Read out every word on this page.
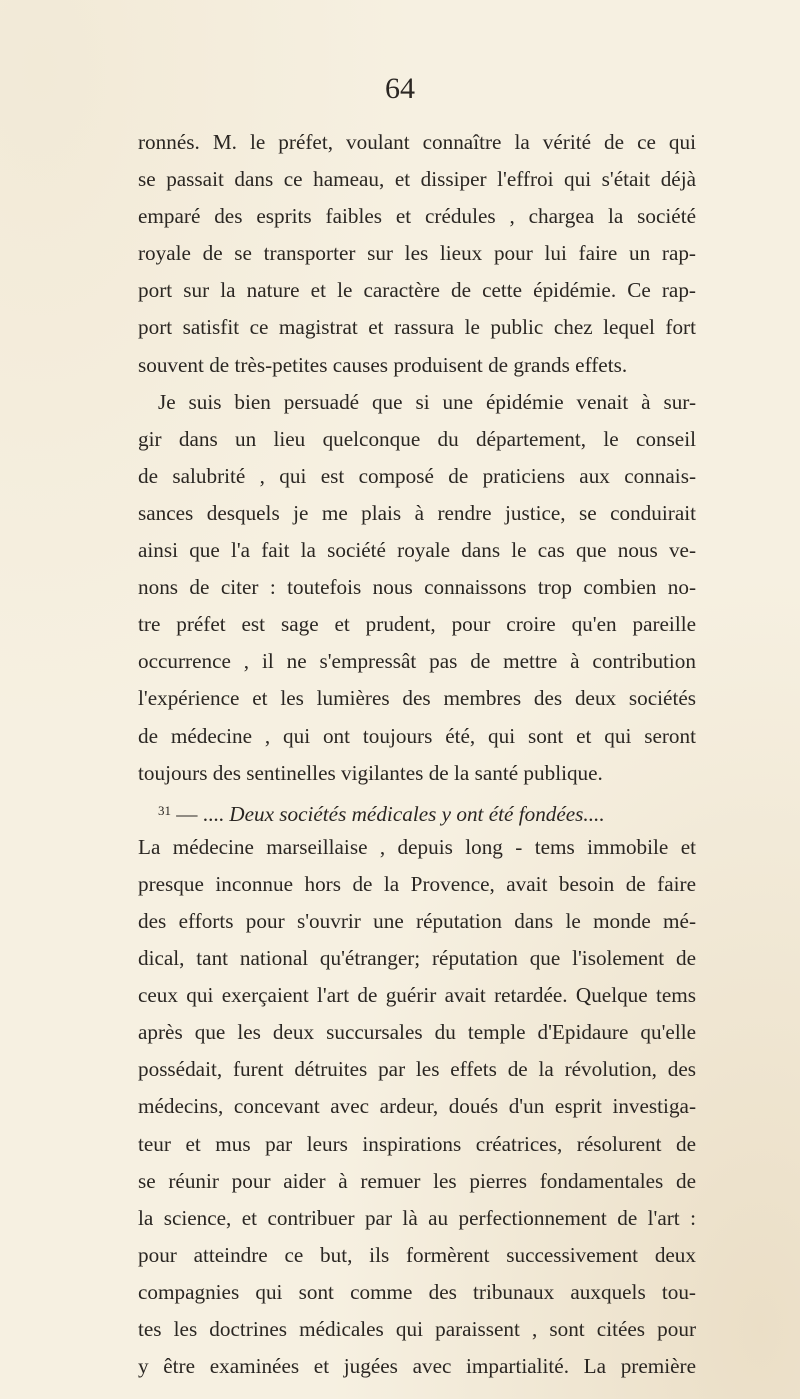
64
ronnés. M. le préfet, voulant connaître la vérité de ce qui
se passait dans ce hameau, et dissiper l'effroi qui s'était déjà
emparé des esprits faibles et crédules , chargea la société
royale de se transporter sur les lieux pour lui faire un rap-
port sur la nature et le caractère de cette épidémie. Ce rap-
port satisfit ce magistrat et rassura le public chez lequel fort
souvent de très-petites causes produisent de grands effets.
Je suis bien persuadé que si une épidémie venait à sur-
gir dans un lieu quelconque du département, le conseil
de salubrité , qui est composé de praticiens aux connais-
sances desquels je me plais à rendre justice, se conduirait
ainsi que l'a fait la société royale dans le cas que nous ve-
nons de citer : toutefois nous connaissons trop combien no-
tre préfet est sage et prudent, pour croire qu'en pareille
occurrence , il ne s'empressât pas de mettre à contribution
l'expérience et les lumières des membres des deux sociétés
de médecine , qui ont toujours été, qui sont et qui seront
toujours des sentinelles vigilantes de la santé publique.
$^{31}$ — .... Deux sociétés médicales y ont été fondées....
La médecine marseillaise , depuis long - tems immobile et
presque inconnue hors de la Provence, avait besoin de faire
des efforts pour s'ouvrir une réputation dans le monde mé-
dical, tant national qu'étranger; réputation que l'isolement de
ceux qui exerçaient l'art de guérir avait retardée. Quelque tems
après que les deux succursales du temple d'Epidaure qu'elle
possédait, furent détruites par les effets de la révolution, des
médecins, concevant avec ardeur, doués d'un esprit investiga-
teur et mus par leurs inspirations créatrices, résolurent de
se réunir pour aider à remuer les pierres fondamentales de
la science, et contribuer par là au perfectionnement de l'art :
pour atteindre ce but, ils formèrent successivement deux
compagnies qui sont comme des tribunaux auxquels tou-
tes les doctrines médicales qui paraissent , sont citées pour
y être examinées et jugées avec impartialité. La première
